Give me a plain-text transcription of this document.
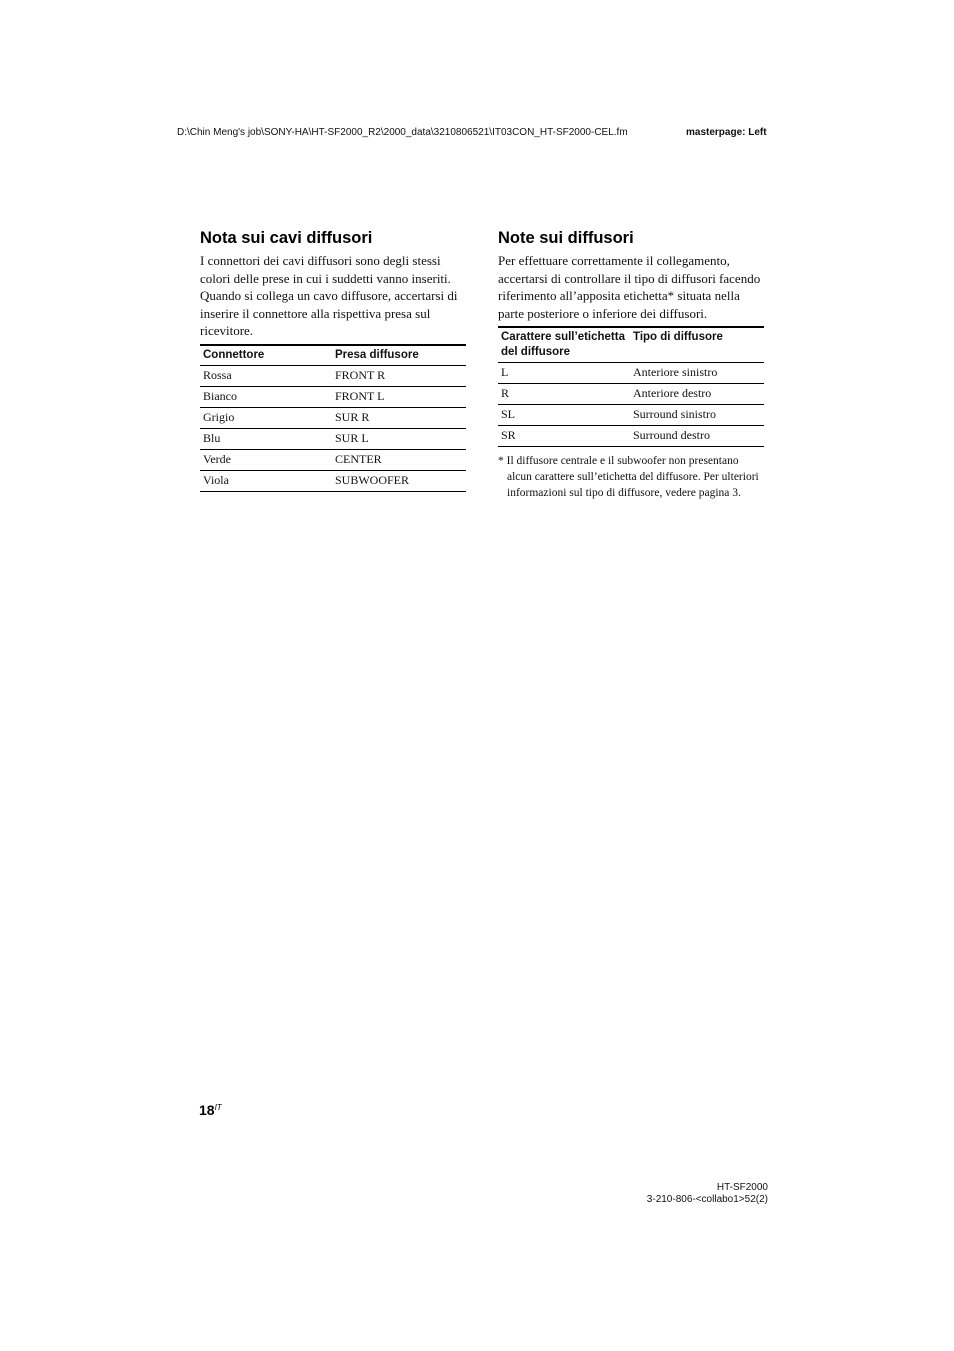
D:\Chin Meng's job\SONY-HA\HT-SF2000_R2\2000_data\3210806521\IT03CON_HT-SF2000-CEL.fm	masterpage: Left
Nota sui cavi diffusori

I connettori dei cavi diffusori sono degli stessi colori delle prese in cui i suddetti vanno inseriti. Quando si collega un cavo diffusore, accertarsi di inserire il connettore alla rispettiva presa sul ricevitore.

Connettore	Presa diffusore
Rossa	FRONT R
Bianco	FRONT L
Grigio	SUR R
Blu	SUR L
Verde	CENTER
Viola	SUBWOOFER
Note sui diffusori

Per effettuare correttamente il collegamento, accertarsi di controllare il tipo di diffusori facendo riferimento all’apposita etichetta* situata nella parte posteriore o inferiore dei diffusori.

Carattere sull’etichetta del diffusore	Tipo di diffusore
L	Anteriore sinistro
R	Anteriore destro
SL	Surround sinistro
SR	Surround destro

* Il diffusore centrale e il subwoofer non presentano alcun carattere sull’etichetta del diffusore. Per ulteriori informazioni sul tipo di diffusore, vedere pagina 3.

$18^{IT}$
HT-SF2000
3-210-806-<collabo1>52(2)
